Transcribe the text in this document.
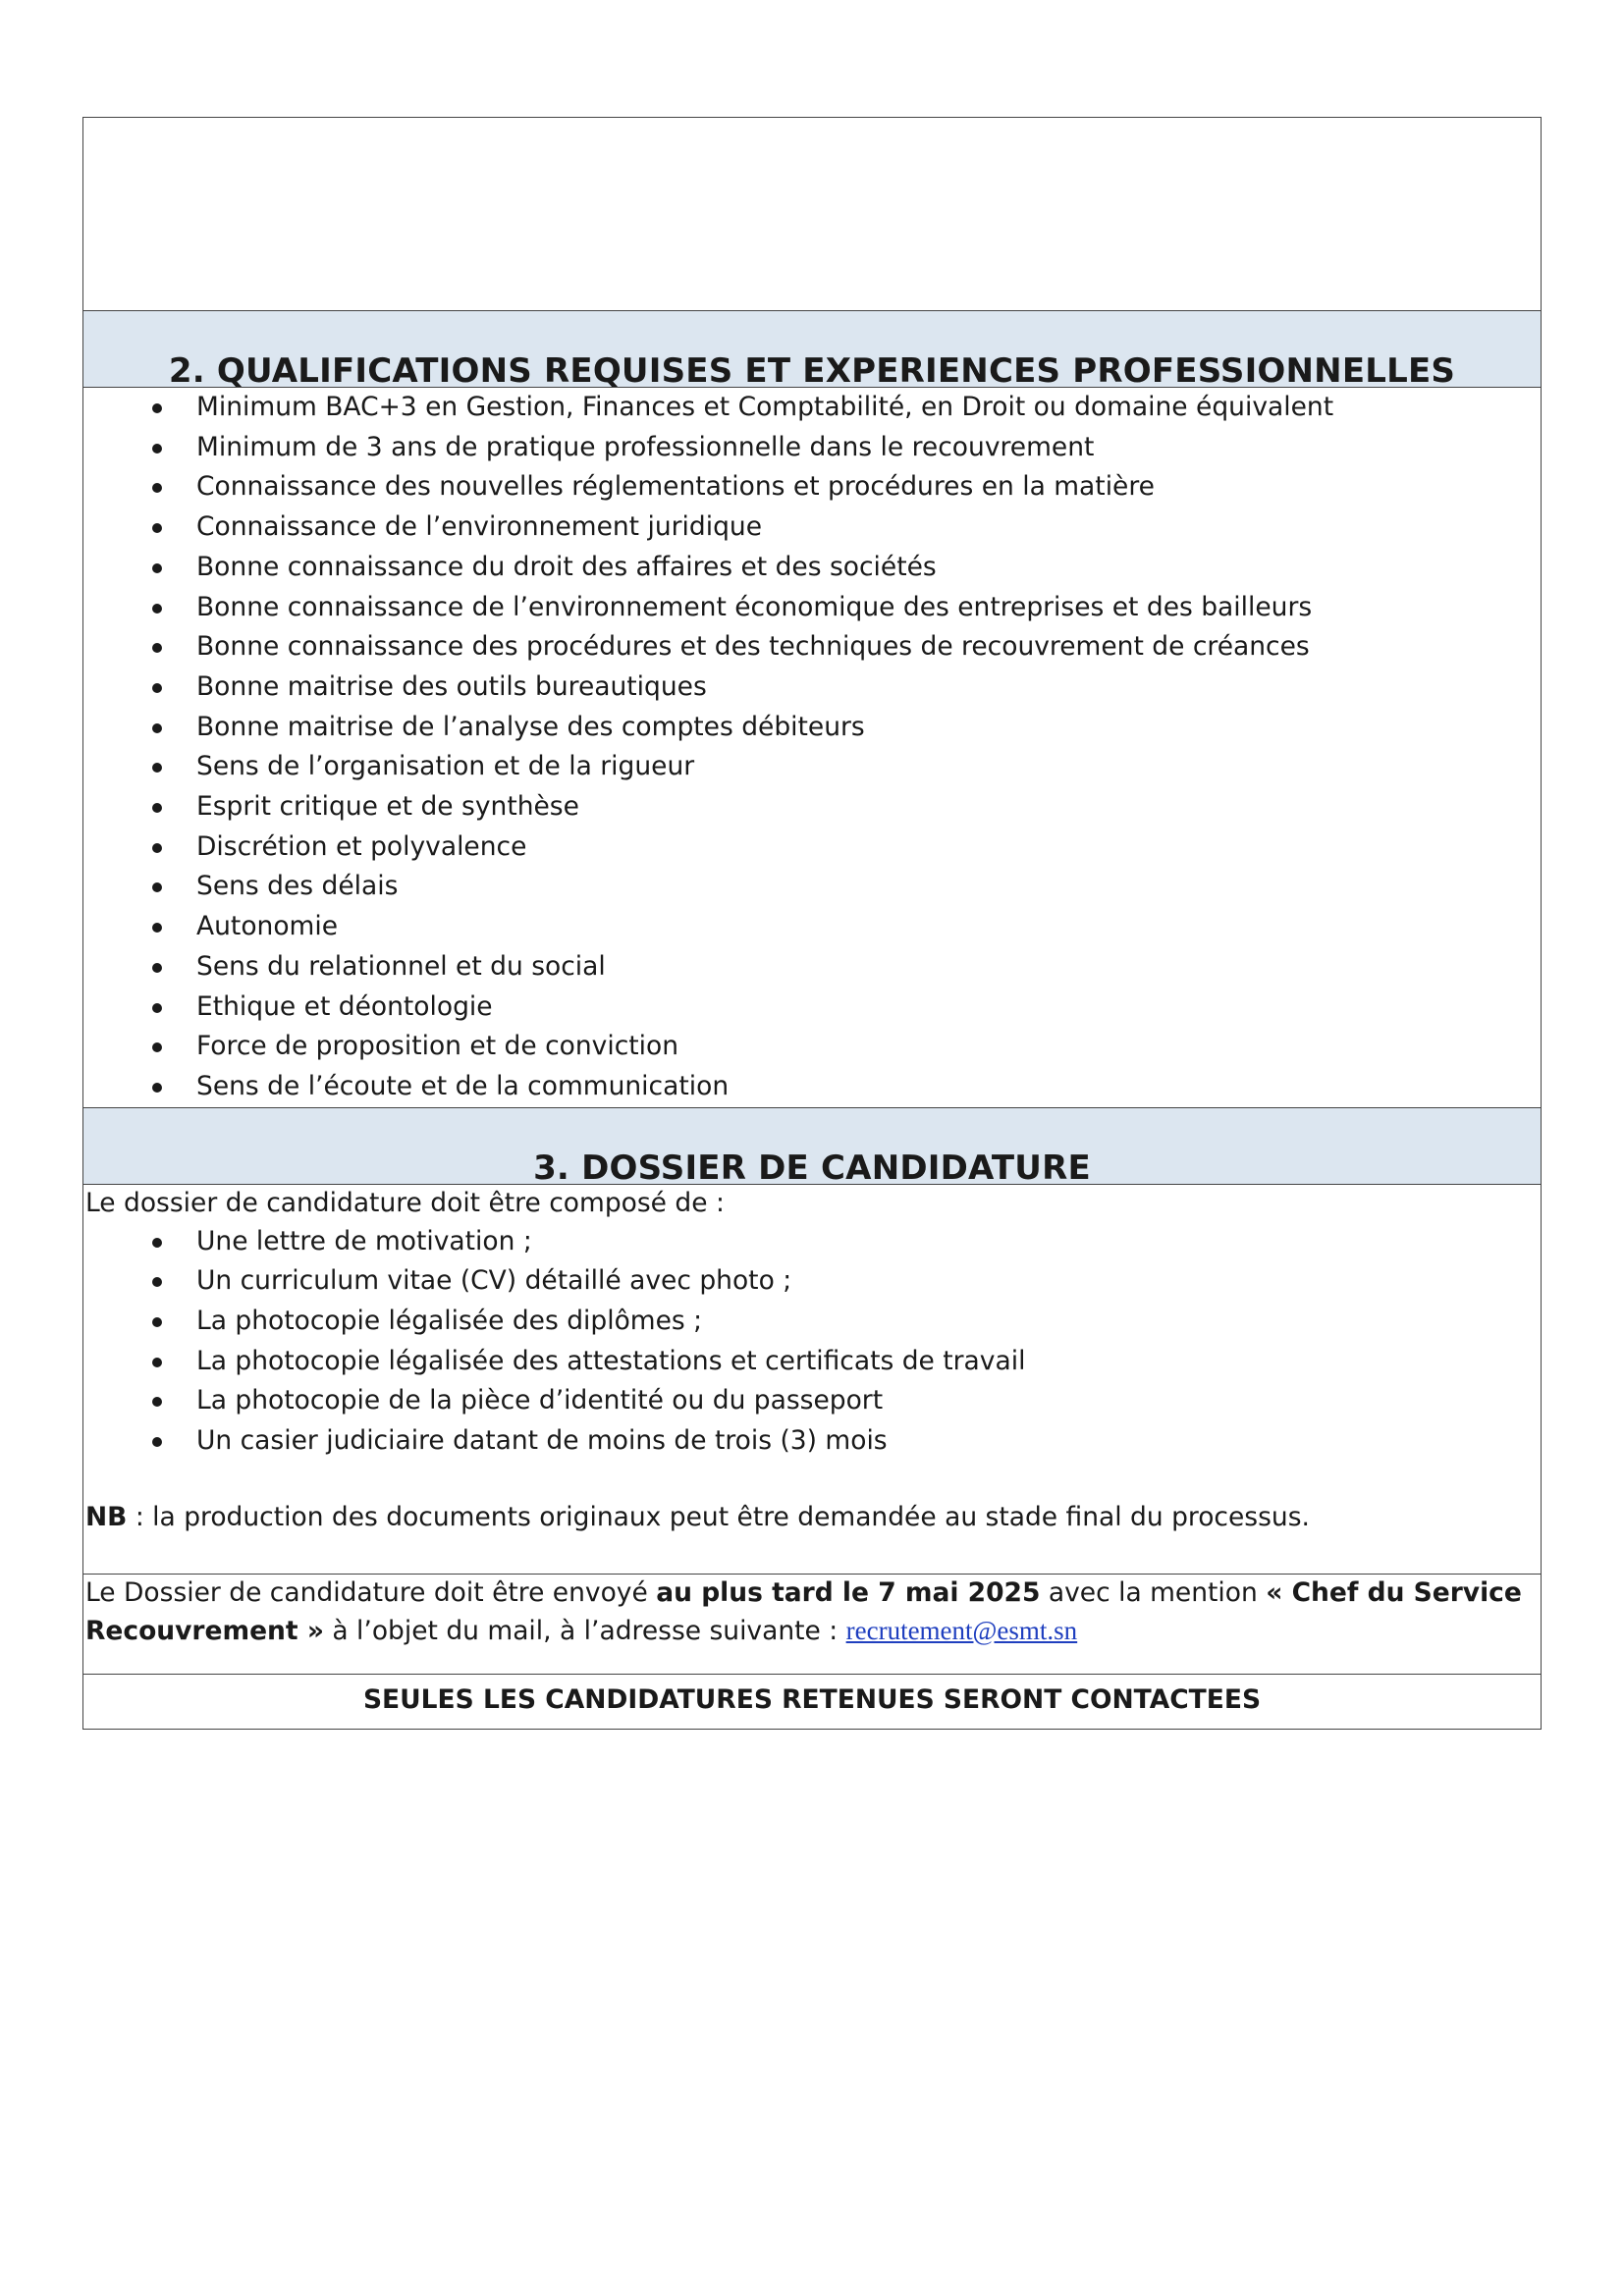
2. QUALIFICATIONS REQUISES ET EXPERIENCES PROFESSIONNELLES

Minimum BAC+3 en Gestion, Finances et Comptabilité, en Droit ou domaine équivalent
Minimum de 3 ans de pratique professionnelle dans le recouvrement
Connaissance des nouvelles réglementations et procédures en la matière
Connaissance de l’environnement juridique
Bonne connaissance du droit des affaires et des sociétés
Bonne connaissance de l’environnement économique des entreprises et des bailleurs
Bonne connaissance des procédures et des techniques de recouvrement de créances
Bonne maitrise des outils bureautiques
Bonne maitrise de l’analyse des comptes débiteurs
Sens de l’organisation et de la rigueur
Esprit critique et de synthèse
Discrétion et polyvalence
Sens des délais
Autonomie
Sens du relationnel et du social
Ethique et déontologie
Force de proposition et de conviction
Sens de l’écoute et de la communication

3. DOSSIER DE CANDIDATURE

Le dossier de candidature doit être composé de :
Une lettre de motivation ;
Un curriculum vitae (CV) détaillé avec photo ;
La photocopie légalisée des diplômes ;
La photocopie légalisée des attestations et certificats de travail
La photocopie de la pièce d’identité ou du passeport
Un casier judiciaire datant de moins de trois (3) mois
NB : la production des documents originaux peut être demandée au stade final du processus.

Le Dossier de candidature doit être envoyé au plus tard le 7 mai 2025 avec la mention « Chef du Service Recouvrement » à l’objet du mail, à l’adresse suivante : recrutement@esmt.sn

SEULES LES CANDIDATURES RETENUES SERONT CONTACTEES
